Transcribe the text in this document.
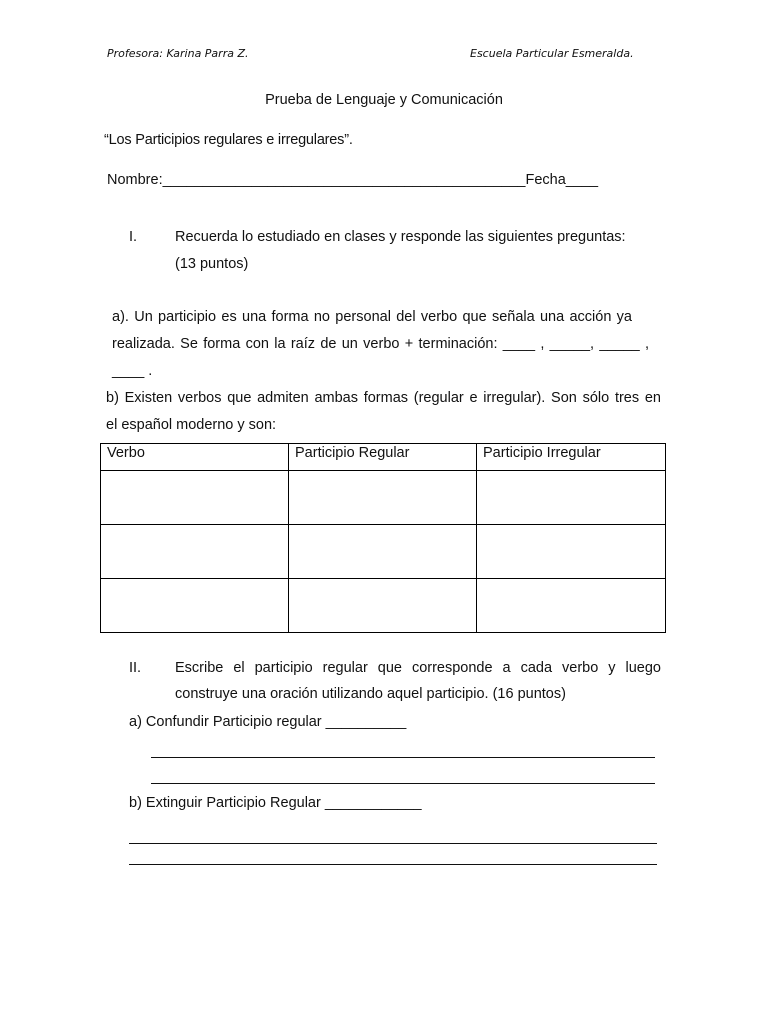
Profesora: Karina Parra Z.	Escuela Particular Esmeralda.
Prueba de Lenguaje y Comunicación
“Los Participios regulares e irregulares”.
Nombre:_____________________________________________Fecha____
I.	Recuerda lo estudiado en clases y responde las siguientes preguntas:
(13 puntos)
a). Un participio es una forma no personal del verbo que señala una acción ya
realizada. Se forma con la raíz de un verbo + terminación: ____ , _____, _____ ,
____ .
b) Existen verbos que admiten ambas formas (regular e irregular). Son sólo tres en
el español moderno y son:
Verbo	Participio Regular	Participio Irregular

II. Escribe el participio regular que corresponde a cada verbo y luego
construye una oración utilizando aquel participio. (16 puntos)
a) Confundir Participio regular __________
b) Extinguir Participio Regular ____________
